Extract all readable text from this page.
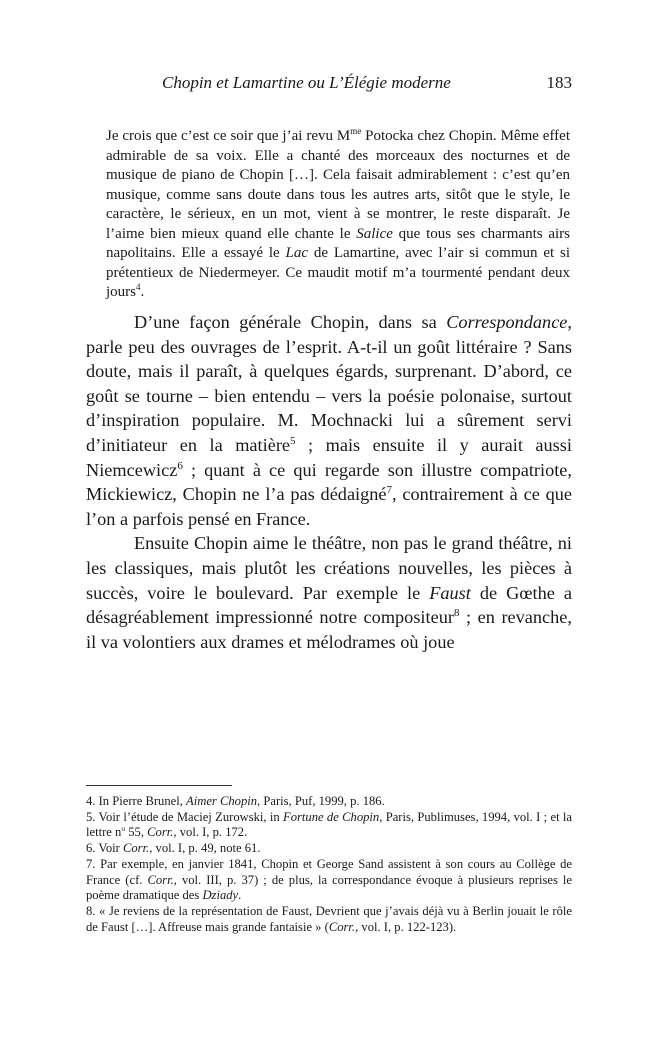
Chopin et Lamartine ou L’Élégie moderne	183

Je crois que c’est ce soir que j’ai revu $M^{me}$ Potocka chez Chopin. Même effet admirable de sa voix. Elle a chanté des morceaux des nocturnes et de musique de piano de Chopin […]. Cela faisait admirablement : c’est qu’en musique, comme sans doute dans tous les autres arts, sitôt que le style, le caractère, le sérieux, en un mot, vient à se montrer, le reste disparaît. Je l’aime bien mieux quand elle chante le Salice que tous ses charmants airs napolitains. Elle a essayé le Lac de Lamartine, avec l’air si commun et si prétentieux de Niedermeyer. Ce maudit motif m’a tourmenté pendant deux jours$^4$.

D’une façon générale Chopin, dans sa Correspondance, parle peu des ouvrages de l’esprit. A-t-il un goût littéraire ? Sans doute, mais il paraît, à quelques égards, surprenant. D’abord, ce goût se tourne – bien entendu – vers la poésie polonaise, surtout d’inspiration populaire. M. Mochnacki lui a sûrement servi d’initiateur en la matière$^5$ ; mais ensuite il y aurait aussi Niemcewicz$^6$ ; quant à ce qui regarde son illustre compatriote, Mickiewicz, Chopin ne l’a pas dédaigné$^7$, contrairement à ce que l’on a parfois pensé en France.

Ensuite Chopin aime le théâtre, non pas le grand théâtre, ni les classiques, mais plutôt les créations nouvelles, les pièces à succès, voire le boulevard. Par exemple le Faust de Gœthe a désagréablement impressionné notre compositeur$^8$ ; en revanche, il va volontiers aux drames et mélodrames où joue

4. In Pierre Brunel, Aimer Chopin, Paris, Puf, 1999, p. 186.

5. Voir l’étude de Maciej Zurowski, in Fortune de Chopin, Paris, Publimuses, 1994, vol. I ; et la lettre $n^o$ 55, Corr., vol. I, p. 172.

6. Voir Corr., vol. I, p. 49, note 61.

7. Par exemple, en janvier 1841, Chopin et George Sand assistent à son cours au Collège de France (cf. Corr., vol. III, p. 37) ; de plus, la correspondance évoque à plusieurs reprises le poème dramatique des Dziady.

8. « Je reviens de la représentation de Faust, Devrient que j’avais déjà vu à Berlin jouait le rôle de Faust […]. Affreuse mais grande fantaisie » (Corr., vol. I, p. 122-123).
